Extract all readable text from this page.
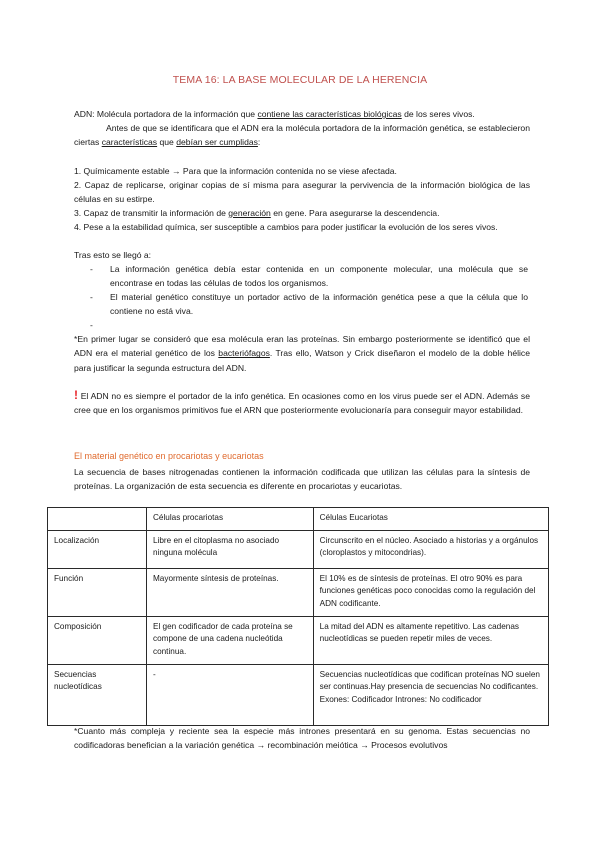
TEMA 16: LA BASE MOLECULAR DE LA HERENCIA

ADN: Molécula portadora de la información que contiene las características biológicas de los seres vivos.

Antes de que se identificara que el ADN era la molécula portadora de la información genética, se establecieron ciertas características que debían ser cumplidas:

1. Químicamente estable → Para que la información contenida no se viese afectada.

2. Capaz de replicarse, originar copias de sí misma para asegurar la pervivencia de la información biológica de las células en su estirpe.

3. Capaz de transmitir la información de generación en gene. Para asegurarse la descendencia.

4. Pese a la estabilidad química, ser susceptible a cambios para poder justificar la evolución de los seres vivos.

Tras esto se llegó a:

- La información genética debía estar contenida en un componente molecular, una molécula que se encontrase en todas las células de todos los organismos.

- El material genético constituye un portador activo de la información genética pese a que la célula que lo contiene no está viva.

-

*En primer lugar se consideró que esa molécula eran las proteínas. Sin embargo posteriormente se identificó que el ADN era el material genético de los bacteriófagos. Tras ello, Watson y Crick diseñaron el modelo de la doble hélice para justificar la segunda estructura del ADN.

! El ADN no es siempre el portador de la info genética. En ocasiones como en los virus puede ser el ADN. Además se cree que en los organismos primitivos fue el ARN que posteriormente evolucionaría para conseguir mayor estabilidad.

El material genético en procariotas y eucariotas

La secuencia de bases nitrogenadas contienen la información codificada que utilizan las células para la síntesis de proteínas. La organización de esta secuencia es diferente en procariotas y eucariotas.

	Células procariotas	Células Eucariotas
Localización	Libre en el citoplasma no asociado ninguna molécula	Circunscrito en el núcleo. Asociado a historias y a orgánulos (cloroplastos y mitocondrias).
Función	Mayormente síntesis de proteínas.	El 10% es de síntesis de proteínas. El otro 90% es para funciones genéticas poco conocidas como la regulación del ADN codificante.
Composición	El gen codificador de cada proteína se compone de una cadena nucleótida continua.	La mitad del ADN es altamente repetitivo. Las cadenas nucleotídicas se pueden repetir miles de veces.
Secuencias nucleotídicas	-	Secuencias nucleotídicas que codifican proteínas NO suelen ser continuas.Hay presencia de secuencias No codificantes.
Exones: Codificador Intrones: No codificador

*Cuanto más compleja y reciente sea la especie más intrones presentará en su genoma. Estas secuencias no codificadoras benefician a la variación genética → recombinación meiótica → Procesos evolutivos
